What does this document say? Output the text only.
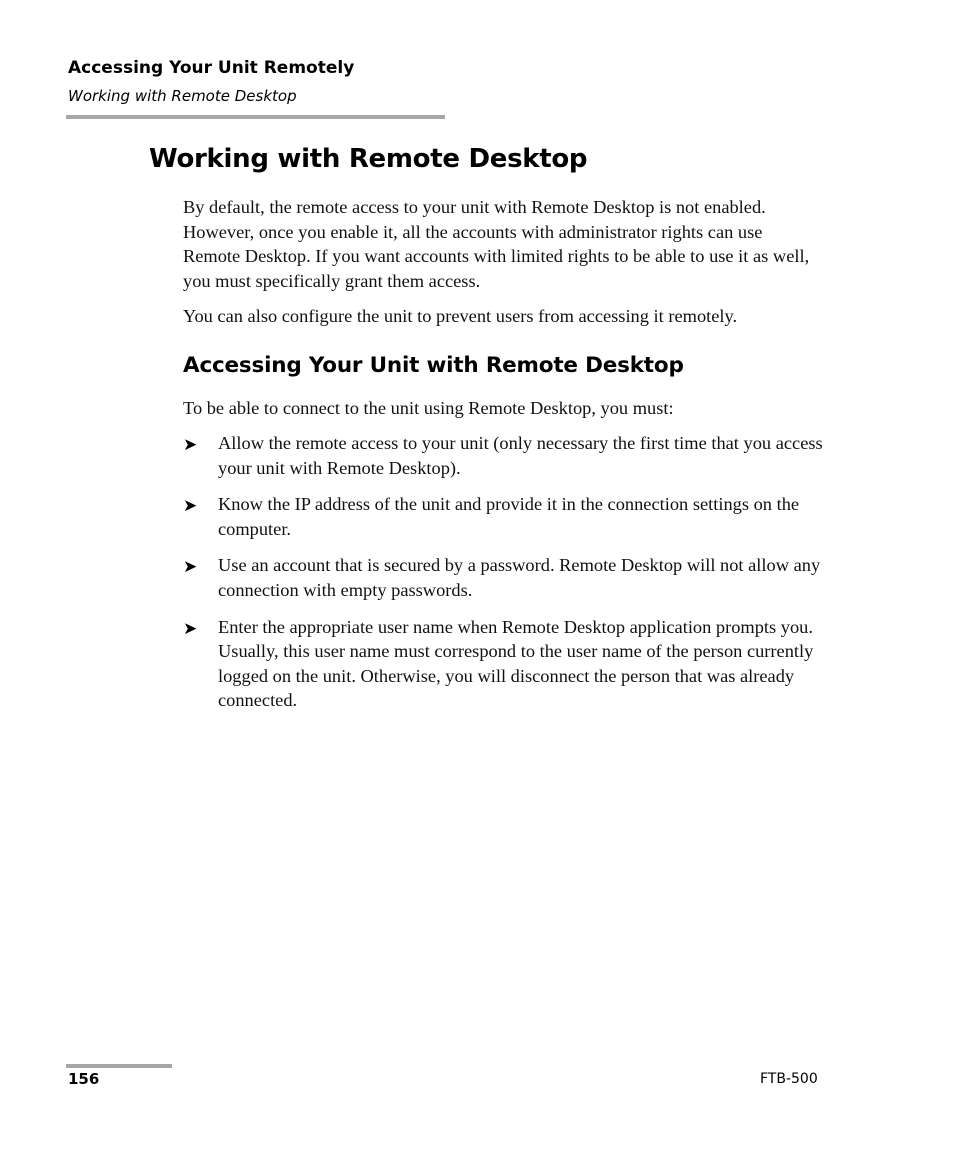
Accessing Your Unit Remotely
Working with Remote Desktop
Working with Remote Desktop

By default, the remote access to your unit with Remote Desktop is not enabled. However, once you enable it, all the accounts with administrator rights can use Remote Desktop. If you want accounts with limited rights to be able to use it as well, you must specifically grant them access.

You can also configure the unit to prevent users from accessing it remotely.

Accessing Your Unit with Remote Desktop

To be able to connect to the unit using Remote Desktop, you must:

➤ Allow the remote access to your unit (only necessary the first time that you access your unit with Remote Desktop).
➤ Know the IP address of the unit and provide it in the connection settings on the computer.
➤ Use an account that is secured by a password. Remote Desktop will not allow any connection with empty passwords.
➤ Enter the appropriate user name when Remote Desktop application prompts you. Usually, this user name must correspond to the user name of the person currently logged on the unit. Otherwise, you will disconnect the person that was already connected.
156	FTB-500
